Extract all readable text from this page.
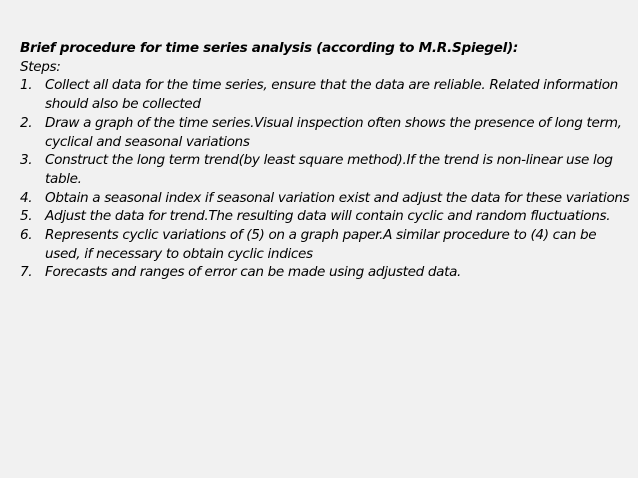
Brief procedure for time series analysis (according to M.R.Spiegel):

Steps:

1. Collect all data for the time series, ensure that the data are reliable. Related information should also be collected
2. Draw a graph of the time series.Visual inspection often shows the presence of long term, cyclical and seasonal variations
3. Construct the long term trend(by least square method).If the trend is non-linear use log table.
4. Obtain a seasonal index if seasonal variation exist and adjust the data for these variations
5. Adjust the data for trend.The resulting data will contain cyclic and random fluctuations.
6. Represents cyclic variations of (5) on a graph paper.A similar procedure to (4) can be used, if necessary to obtain cyclic indices
7. Forecasts and ranges of error can be made using adjusted data.
